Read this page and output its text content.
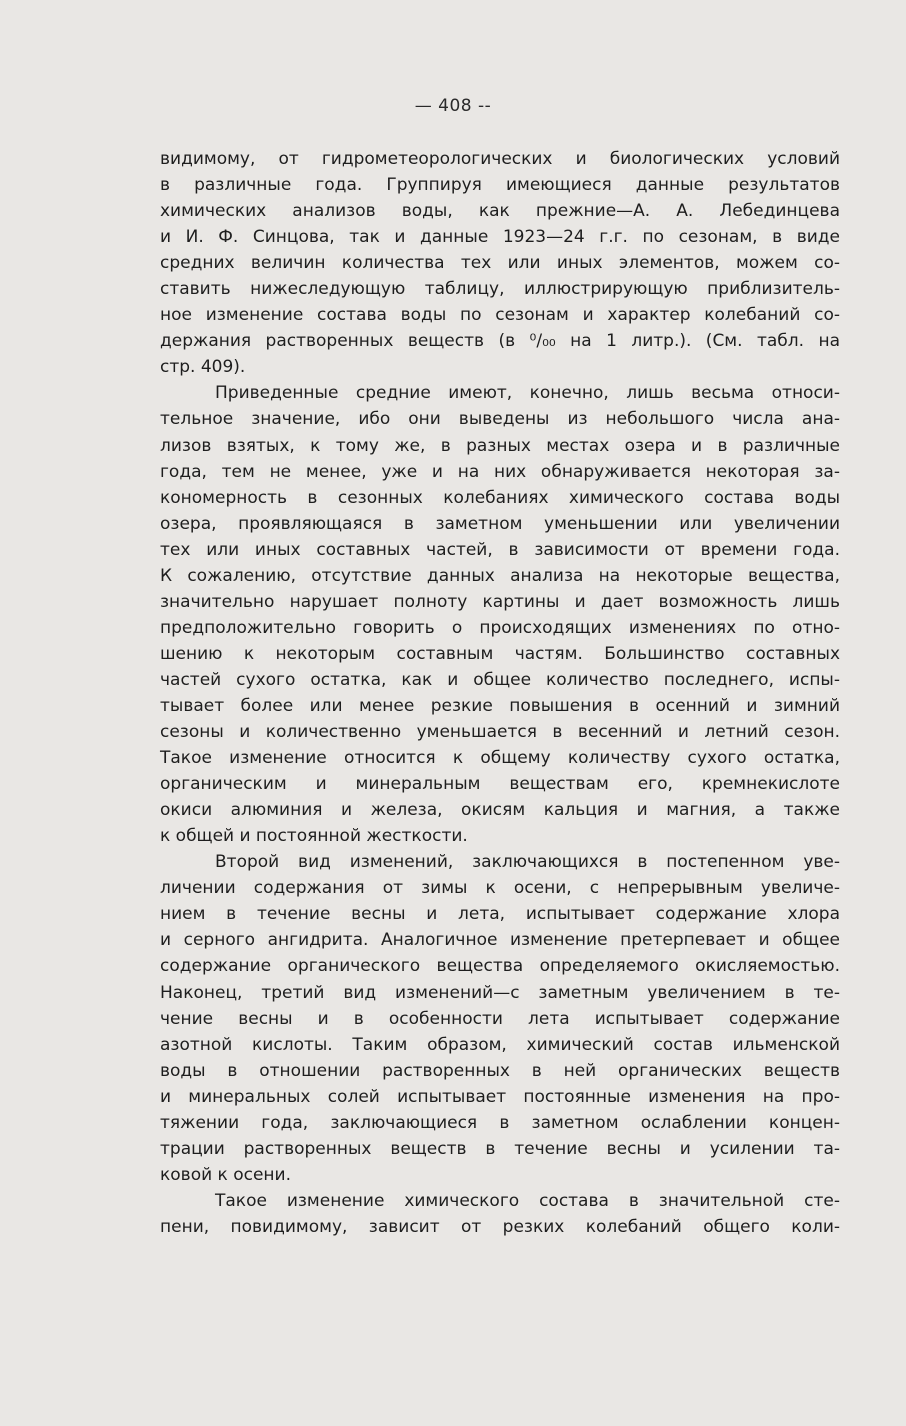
— 408 --
видимому, от гидрометеорологических и биологических условий
в различные года. Группируя имеющиеся данные результатов
химических анализов воды, как прежние—А. А. Лебединцева
и И. Ф. Синцова, так и данные 1923—24 г.г. по сезонам, в виде
средних величин количества тех или иных элементов, можем со-
ставить нижеследующую таблицу, иллюстрирующую приблизитель-
ное изменение состава воды по сезонам и характер колебаний со-
держания растворенных веществ (в ⁰/₀₀ на 1 литр.). (См. табл. на
стр. 409).
Приведенные средние имеют, конечно, лишь весьма относи-
тельное значение, ибо они выведены из небольшого числа ана-
лизов взятых, к тому же, в разных местах озера и в различные
года, тем не менее, уже и на них обнаруживается некоторая за-
кономерность в сезонных колебаниях химического состава воды
озера, проявляющаяся в заметном уменьшении или увеличении
тех или иных составных частей, в зависимости от времени года.
К сожалению, отсутствие данных анализа на некоторые вещества,
значительно нарушает полноту картины и дает возможность лишь
предположительно говорить о происходящих изменениях по отно-
шению к некоторым составным частям. Большинство составных
частей сухого остатка, как и общее количество последнего, испы-
тывает более или менее резкие повышения в осенний и зимний
сезоны и количественно уменьшается в весенний и летний сезон.
Такое изменение относится к общему количеству сухого остатка,
органическим и минеральным веществам его, кремнекислоте
окиси алюминия и железа, окисям кальция и магния, а также
к общей и постоянной жесткости.
Второй вид изменений, заключающихся в постепенном уве-
личении содержания от зимы к осени, с непрерывным увеличе-
нием в течение весны и лета, испытывает содержание хлора
и серного ангидрита. Аналогичное изменение претерпевает и общее
содержание органического вещества определяемого окисляемостью.
Наконец, третий вид изменений—с заметным увеличением в те-
чение весны и в особенности лета испытывает содержание
азотной кислоты. Таким образом, химический состав ильменской
воды в отношении растворенных в ней органических веществ
и минеральных солей испытывает постоянные изменения на про-
тяжении года, заключающиеся в заметном ослаблении концен-
трации растворенных веществ в течение весны и усилении та-
ковой к осени.
Такое изменение химического состава в значительной сте-
пени, повидимому, зависит от резких колебаний общего коли-
